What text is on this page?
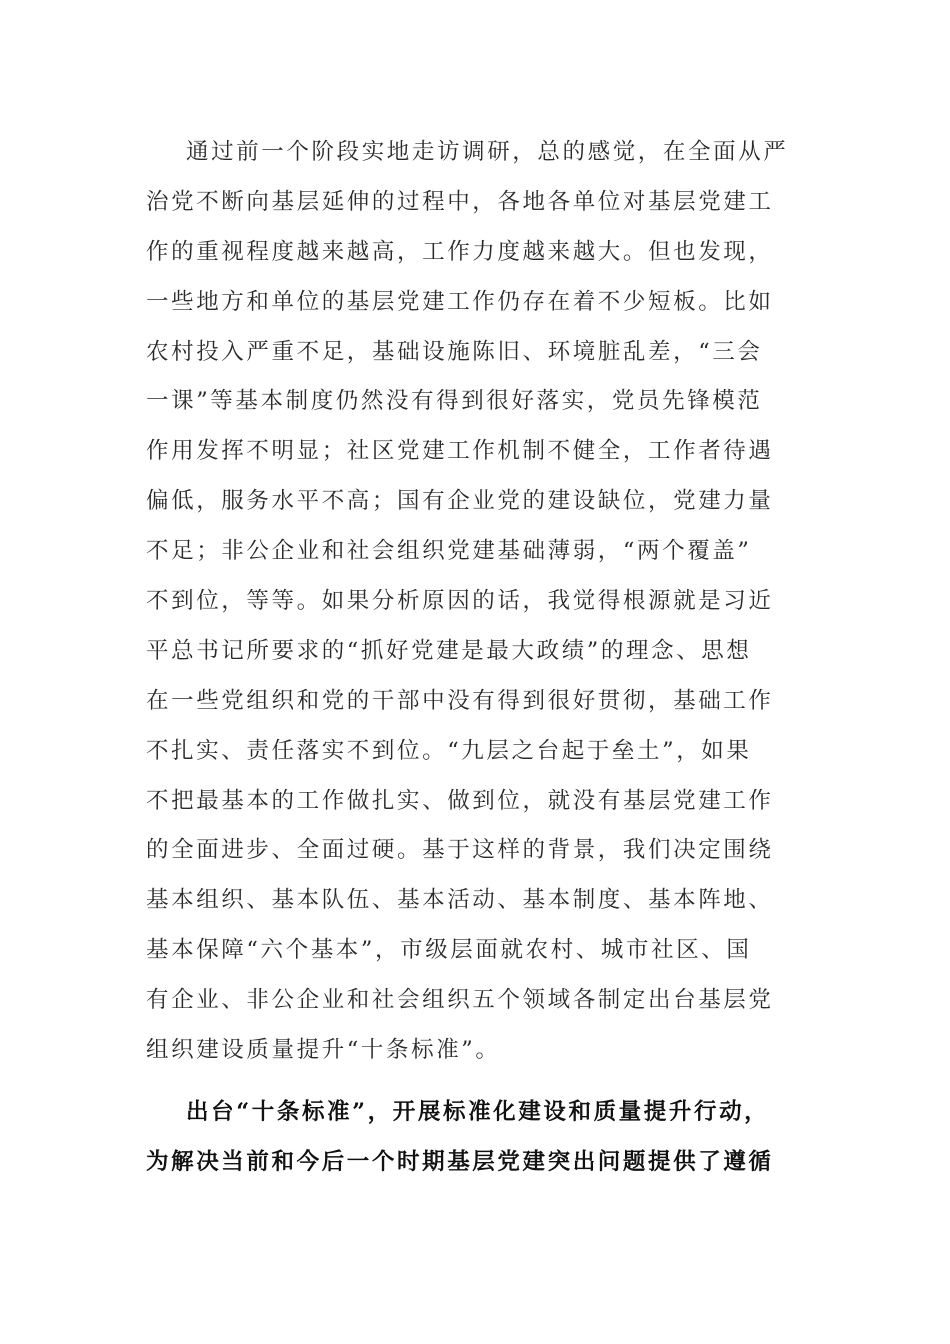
通过前一个阶段实地走访调研，总的感觉，在全面从严
治党不断向基层延伸的过程中，各地各单位对基层党建工
作的重视程度越来越高，工作力度越来越大。但也发现，
一些地方和单位的基层党建工作仍存在着不少短板。比如
农村投入严重不足，基础设施陈旧、环境脏乱差，“三会
一课”等基本制度仍然没有得到很好落实，党员先锋模范
作用发挥不明显；社区党建工作机制不健全，工作者待遇
偏低，服务水平不高；国有企业党的建设缺位，党建力量
不足；非公企业和社会组织党建基础薄弱，“两个覆盖”
不到位，等等。如果分析原因的话，我觉得根源就是习近
平总书记所要求的“抓好党建是最大政绩”的理念、思想
在一些党组织和党的干部中没有得到很好贯彻，基础工作
不扎实、责任落实不到位。“九层之台起于垒土”，如果
不把最基本的工作做扎实、做到位，就没有基层党建工作
的全面进步、全面过硬。基于这样的背景，我们决定围绕
基本组织、基本队伍、基本活动、基本制度、基本阵地、
基本保障“六个基本”，市级层面就农村、城市社区、国
有企业、非公企业和社会组织五个领域各制定出台基层党
组织建设质量提升“十条标准”。
出台“十条标准”，开展标准化建设和质量提升行动，
为解决当前和今后一个时期基层党建突出问题提供了遵循
